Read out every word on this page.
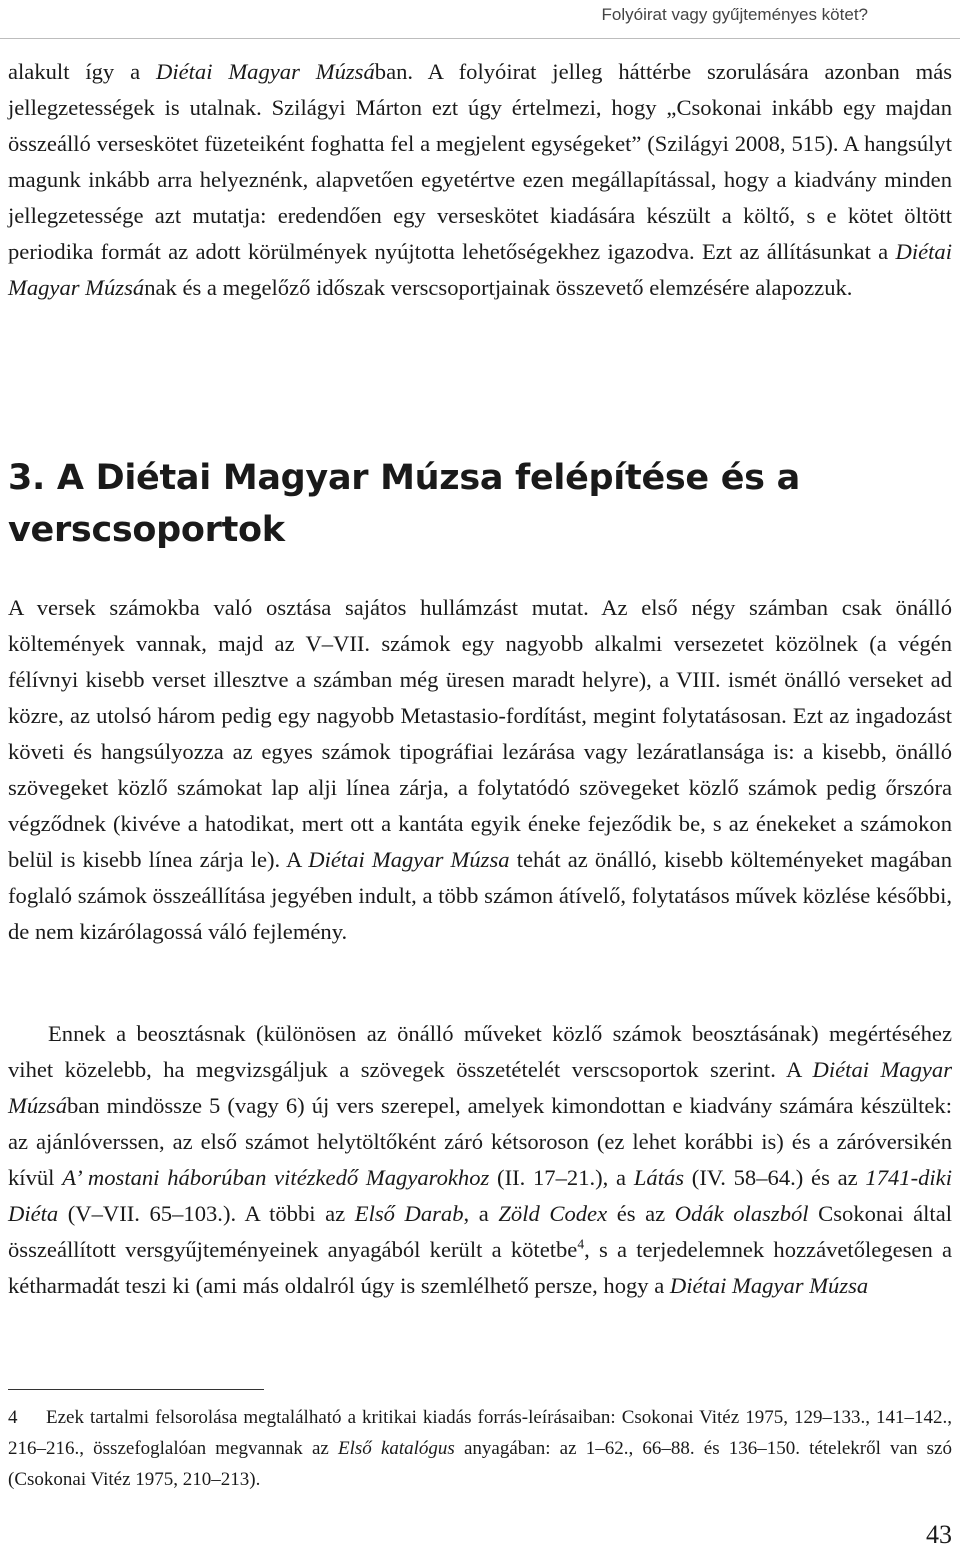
Folyóirat vagy gyűjteményes kötet?

alakult így a Diétai Magyar Múzsában. A folyóirat jelleg háttérbe szorulására azonban más jellegzetességek is utalnak. Szilágyi Márton ezt úgy értelmezi, hogy „Csokonai inkább egy majdan összeálló verseskötet füzeteiként foghatta fel a megjelent egységeket” (Szilágyi 2008, 515). A hangsúlyt magunk inkább arra helyeznénk, alapvetően egyetértve ezen megállapítással, hogy a kiadvány minden jellegzetessége azt mutatja: eredendően egy verseskötet kiadására készült a költő, s e kötet öltött periodika formát az adott körülmények nyújtotta lehetőségekhez igazodva. Ezt az állításunkat a Diétai Magyar Múzsának és a megelőző időszak verscsoportjainak összevető elemzésére alapozzuk.

3. A Diétai Magyar Múzsa felépítése és a verscsoportok

A versek számokba való osztása sajátos hullámzást mutat. Az első négy számban csak önálló költemények vannak, majd az V–VII. számok egy nagyobb alkalmi versezetet közölnek (a végén félívnyi kisebb verset illesztve a számban még üresen maradt helyre), a VIII. ismét önálló verseket ad közre, az utolsó három pedig egy nagyobb Metastasio-fordítást, megint folytatásosan. Ezt az ingadozást követi és hangsúlyozza az egyes számok tipográfiai lezárása vagy lezáratlansága is: a kisebb, önálló szövegeket közlő számokat lap alji línea zárja, a folytatódó szövegeket közlő számok pedig őrszóra végződnek (kivéve a hatodikat, mert ott a kantáta egyik éneke fejeződik be, s az énekeket a számokon belül is kisebb línea zárja le). A Diétai Magyar Múzsa tehát az önálló, kisebb költeményeket magában foglaló számok összeállítása jegyében indult, a több számon átívelő, folytatásos művek közlése későbbi, de nem kizárólagossá váló fejlemény.

Ennek a beosztásnak (különösen az önálló műveket közlő számok beosztásának) megértéséhez vihet közelebb, ha megvizsgáljuk a szövegek összetételét verscsoportok szerint. A Diétai Magyar Múzsában mindössze 5 (vagy 6) új vers szerepel, amelyek kimondottan e kiadvány számára készültek: az ajánlóverssen, az első számot helytöltőként záró kétsoroson (ez lehet korábbi is) és a záróversikén kívül A’ mostani háborúban vitézkedő Magyarokhoz (II. 17–21.), a Látás (IV. 58–64.) és az 1741-diki Diéta (V–VII. 65–103.). A többi az Első Darab, a Zöld Codex és az Odák olaszból Csokonai által összeállított versgyűjteményeinek anyagából került a kötetbe$^4$, s a terjedelemnek hozzávetőlegesen a kétharmadát teszi ki (ami más oldalról úgy is szemlélhető persze, hogy a Diétai Magyar Múzsa

4 Ezek tartalmi felsorolása megtalálható a kritikai kiadás forrás-leírásaiban: Csokonai Vitéz 1975, 129–133., 141–142., 216–216., összefoglalóan megvannak az Első katalógus anyagában: az 1–62., 66–88. és 136–150. tételekről van szó (Csokonai Vitéz 1975, 210–213).

43
